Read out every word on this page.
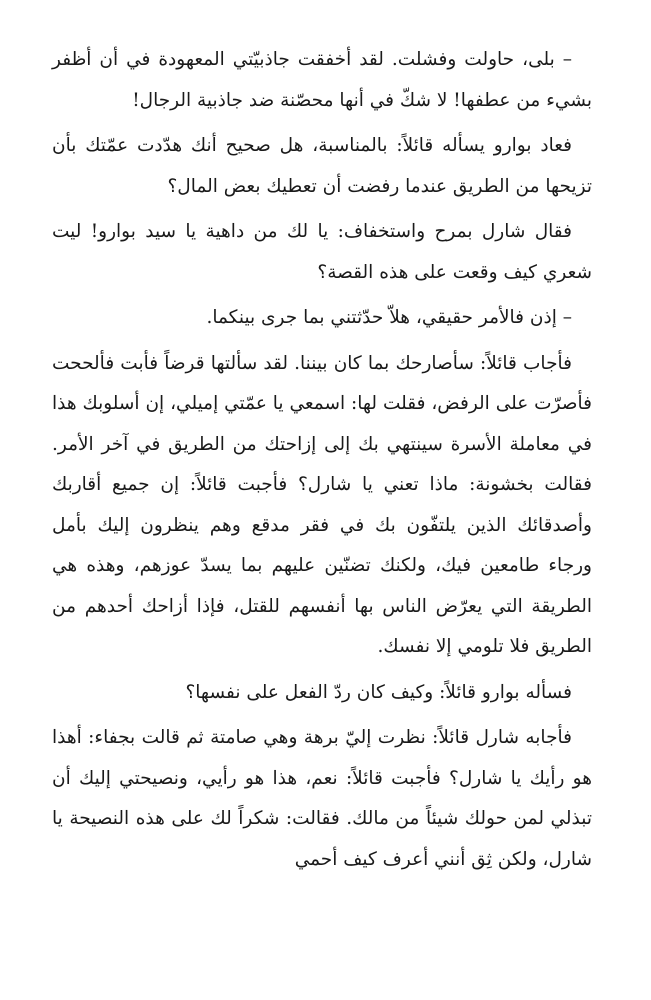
– بلى، حاولت وفشلت. لقد أخفقت جاذبيّتي المعهودة في أن أظفر بشيء من عطفها! لا شكّ في أنها محصّنة ضد جاذبية الرجال!

فعاد بوارو يسأله قائلاً: بالمناسبة، هل صحيح أنك هدّدت عمّتك بأن تزيحها من الطريق عندما رفضت أن تعطيك بعض المال؟

فقال شارل بمرح واستخفاف: يا لك من داهية يا سيد بوارو! ليت شعري كيف وقعت على هذه القصة؟

– إذن فالأمر حقيقي، هلاّ حدّثتني بما جرى بينكما.

فأجاب قائلاً: سأصارحك بما كان بيننا. لقد سألتها قرضاً فأبت فألححت فأصرّت على الرفض، فقلت لها: اسمعي يا عمّتي إميلي، إن أسلوبك هذا في معاملة الأسرة سينتهي بك إلى إزاحتك من الطريق في آخر الأمر. فقالت بخشونة: ماذا تعني يا شارل؟ فأجبت قائلاً: إن جميع أقاربك وأصدقائك الذين يلتفّون بك في فقر مدقع وهم ينظرون إليك بأمل ورجاء طامعين فيك، ولكنك تضنّين عليهم بما يسدّ عوزهم، وهذه هي الطريقة التي يعرّض الناس بها أنفسهم للقتل، فإذا أزاحك أحدهم من الطريق فلا تلومي إلا نفسك.

فسأله بوارو قائلاً: وكيف كان ردّ الفعل على نفسها؟

فأجابه شارل قائلاً: نظرت إليّ برهة وهي صامتة ثم قالت بجفاء: أهذا هو رأيك يا شارل؟ فأجبت قائلاً: نعم، هذا هو رأيي، ونصيحتي إليك أن تبذلي لمن حولك شيئاً من مالك. فقالت: شكراً لك على هذه النصيحة يا شارل، ولكن ثِق أنني أعرف كيف أحمي
